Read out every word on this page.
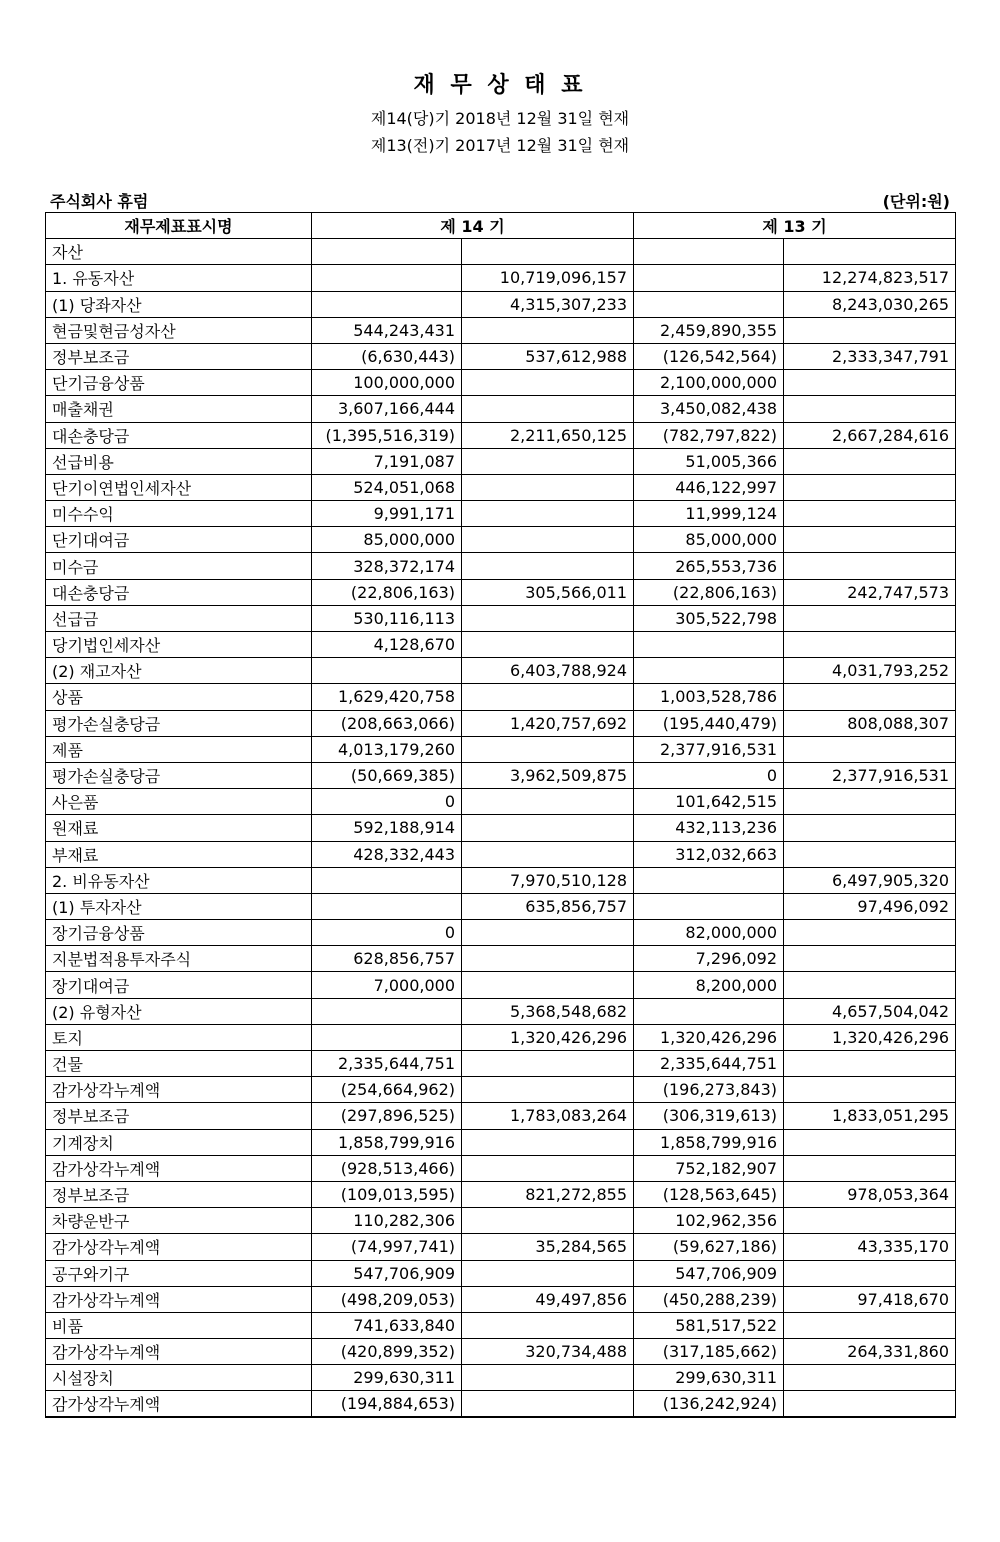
재 무 상 태 표
제14(당)기 2018년 12월 31일 현재
제13(전)기 2017년 12월 31일 현재
주식회사 휴럼	(단위:원)
재무제표표시명	제 14 기		제 13 기	
자산				
1. 유동자산		10,719,096,157		12,274,823,517
(1) 당좌자산		4,315,307,233		8,243,030,265
현금및현금성자산	544,243,431		2,459,890,355	
정부보조금	(6,630,443)	537,612,988	(126,542,564)	2,333,347,791
단기금융상품	100,000,000		2,100,000,000	
매출채권	3,607,166,444		3,450,082,438	
대손충당금	(1,395,516,319)	2,211,650,125	(782,797,822)	2,667,284,616
선급비용	7,191,087		51,005,366	
단기이연법인세자산	524,051,068		446,122,997	
미수수익	9,991,171		11,999,124	
단기대여금	85,000,000		85,000,000	
미수금	328,372,174		265,553,736	
대손충당금	(22,806,163)	305,566,011	(22,806,163)	242,747,573
선급금	530,116,113		305,522,798	
당기법인세자산	4,128,670			
(2) 재고자산		6,403,788,924		4,031,793,252
상품	1,629,420,758		1,003,528,786	
평가손실충당금	(208,663,066)	1,420,757,692	(195,440,479)	808,088,307
제품	4,013,179,260		2,377,916,531	
평가손실충당금	(50,669,385)	3,962,509,875	0	2,377,916,531
사은품	0		101,642,515	
원재료	592,188,914		432,113,236	
부재료	428,332,443		312,032,663	
2. 비유동자산		7,970,510,128		6,497,905,320
(1) 투자자산		635,856,757		97,496,092
장기금융상품	0		82,000,000	
지분법적용투자주식	628,856,757		7,296,092	
장기대여금	7,000,000		8,200,000	
(2) 유형자산		5,368,548,682		4,657,504,042
토지		1,320,426,296	1,320,426,296	1,320,426,296
건물	2,335,644,751		2,335,644,751	
감가상각누계액	(254,664,962)		(196,273,843)	
정부보조금	(297,896,525)	1,783,083,264	(306,319,613)	1,833,051,295
기계장치	1,858,799,916		1,858,799,916	
감가상각누계액	(928,513,466)		752,182,907	
정부보조금	(109,013,595)	821,272,855	(128,563,645)	978,053,364
차량운반구	110,282,306		102,962,356	
감가상각누계액	(74,997,741)	35,284,565	(59,627,186)	43,335,170
공구와기구	547,706,909		547,706,909	
감가상각누계액	(498,209,053)	49,497,856	(450,288,239)	97,418,670
비품	741,633,840		581,517,522	
감가상각누계액	(420,899,352)	320,734,488	(317,185,662)	264,331,860
시설장치	299,630,311		299,630,311	
감가상각누계액	(194,884,653)		(136,242,924)	
